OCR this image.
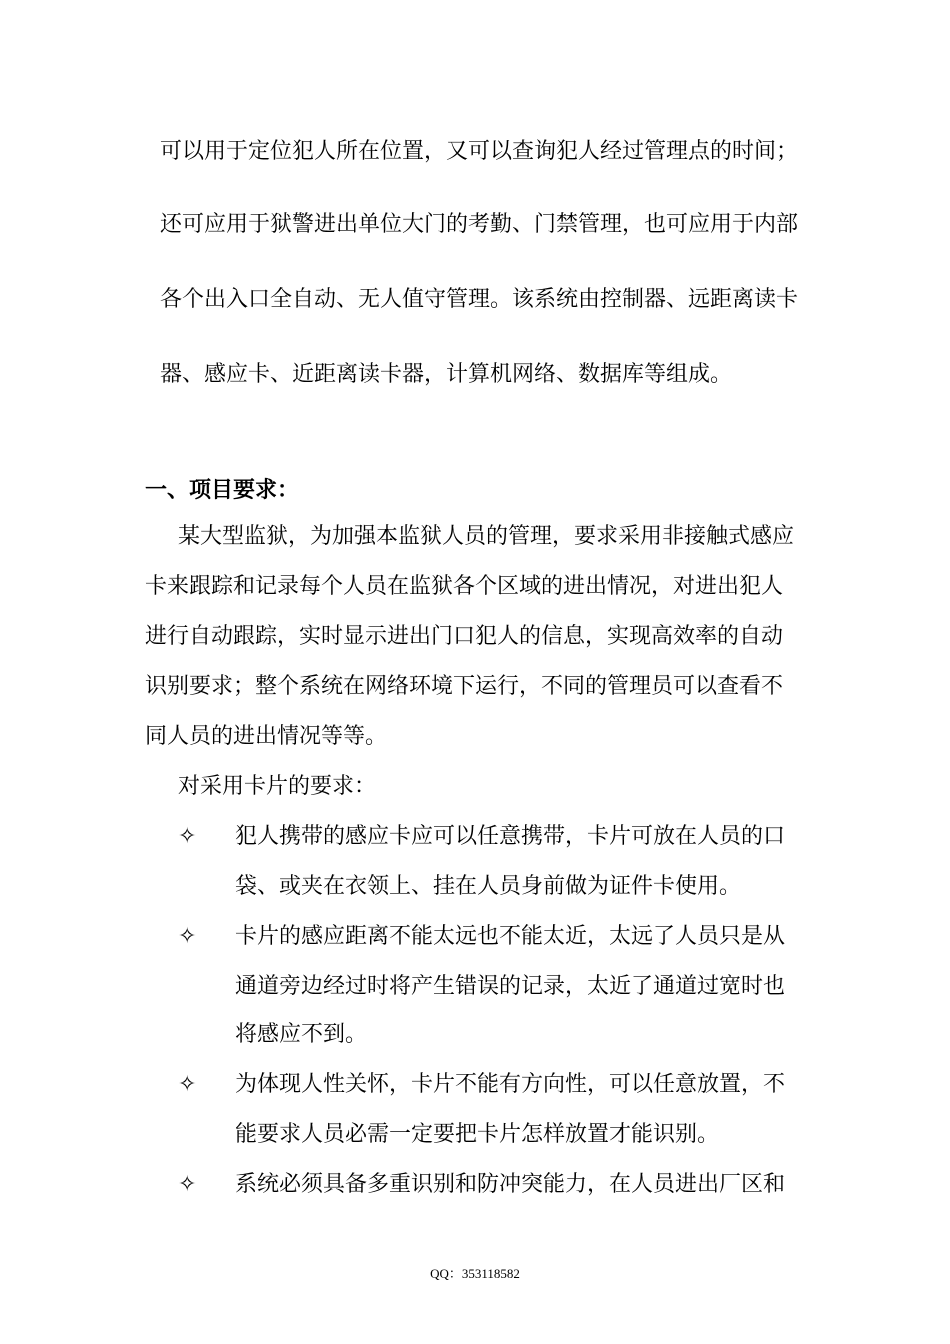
可以用于定位犯人所在位置，又可以查询犯人经过管理点的时间；
还可应用于狱警进出单位大门的考勤、门禁管理，也可应用于内部
各个出入口全自动、无人值守管理。该系统由控制器、远距离读卡
器、感应卡、近距离读卡器，计算机网络、数据库等组成。
一、项目要求：
某大型监狱，为加强本监狱人员的管理，要求采用非接触式感应
卡来跟踪和记录每个人员在监狱各个区域的进出情况，对进出犯人
进行自动跟踪，实时显示进出门口犯人的信息，实现高效率的自动
识别要求；整个系统在网络环境下运行，不同的管理员可以查看不
同人员的进出情况等等。
对采用卡片的要求：
✧ 犯人携带的感应卡应可以任意携带，卡片可放在人员的口
袋、或夹在衣领上、挂在人员身前做为证件卡使用。
✧ 卡片的感应距离不能太远也不能太近，太远了人员只是从
通道旁边经过时将产生错误的记录，太近了通道过宽时也
将感应不到。
✧ 为体现人性关怀，卡片不能有方向性，可以任意放置，不
能要求人员必需一定要把卡片怎样放置才能识别。
✧ 系统必须具备多重识别和防冲突能力，在人员进出厂区和
QQ：353118582
